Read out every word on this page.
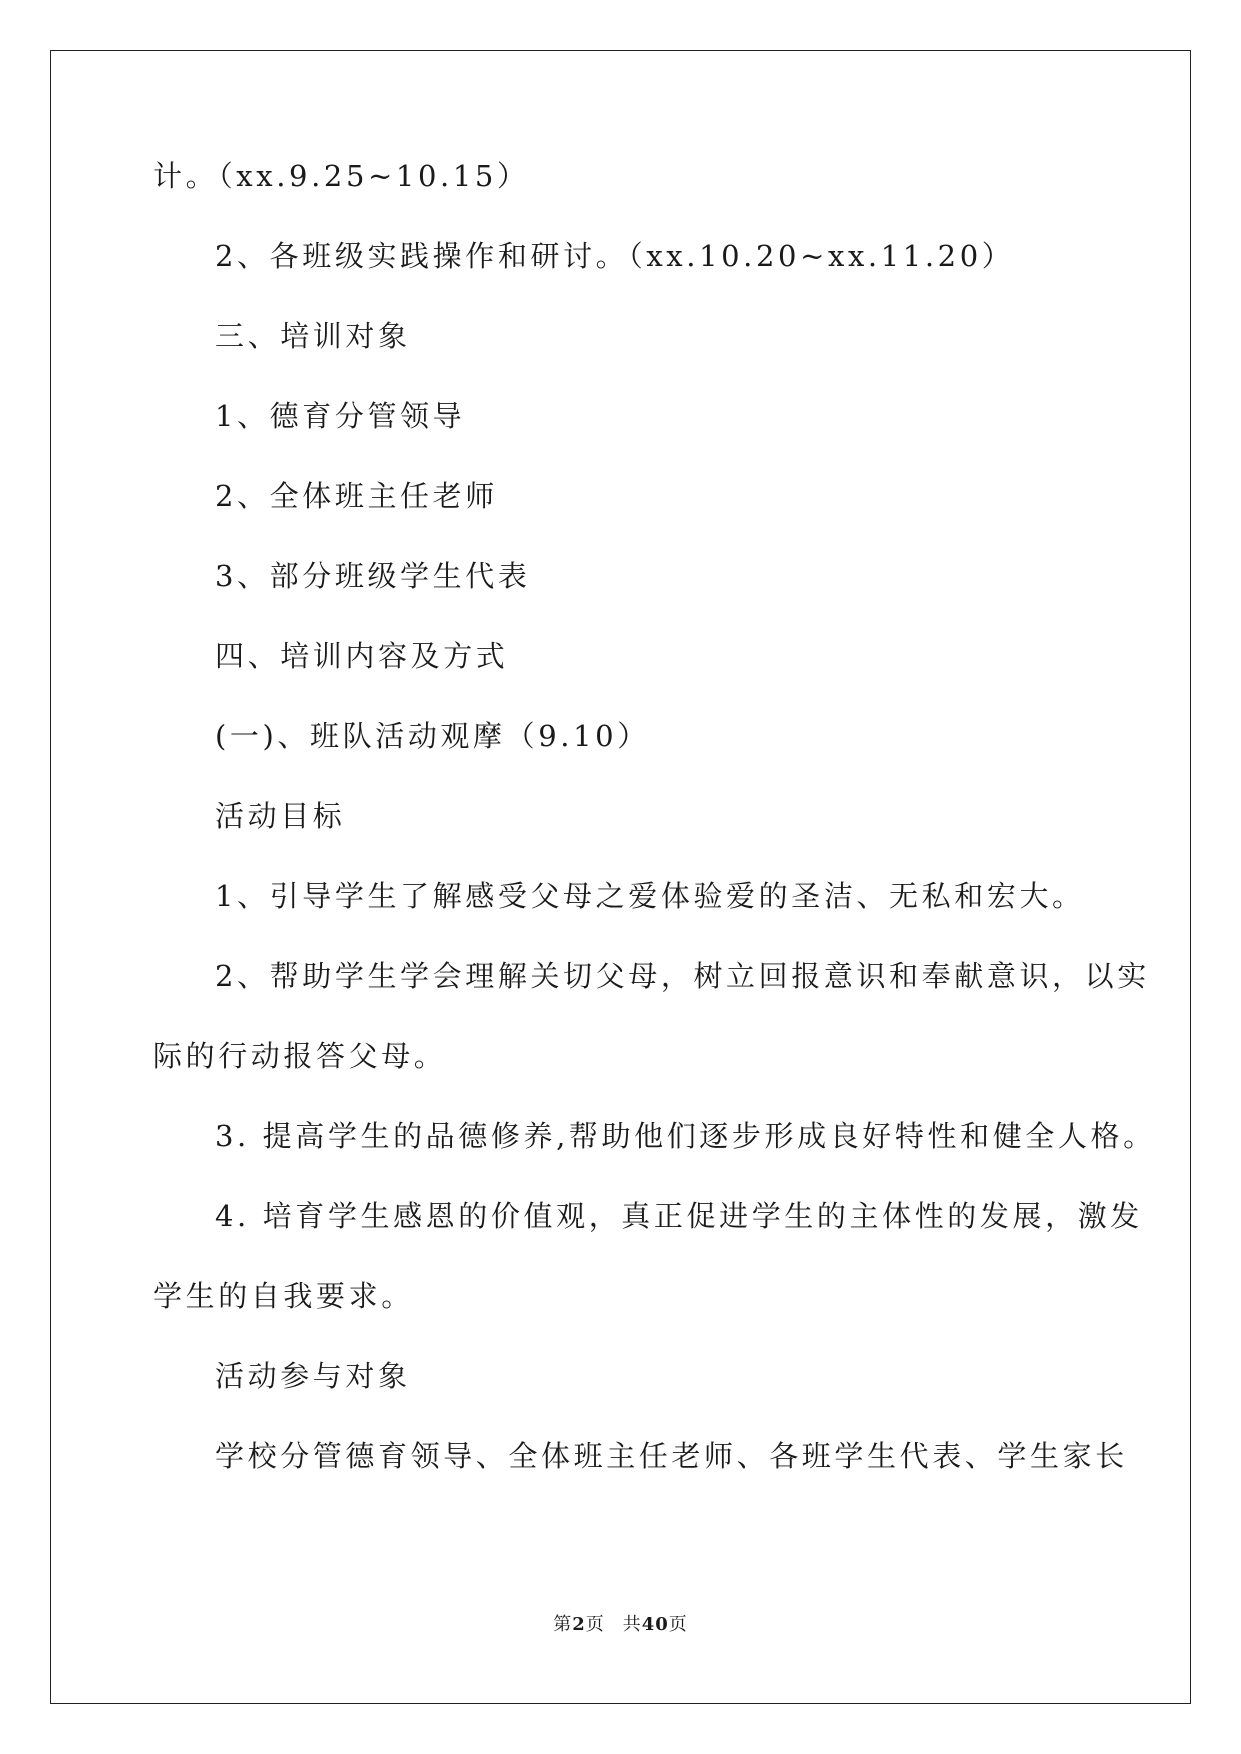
计。（xx.9.25~10.15）
2、各班级实践操作和研讨。（xx.10.20~xx.11.20）
三、培训对象
1、德育分管领导
2、全体班主任老师
3、部分班级学生代表
四、培训内容及方式
(一)、班队活动观摩（9.10）
活动目标
1、引导学生了解感受父母之爱体验爱的圣洁、无私和宏大。
2、帮助学生学会理解关切父母，树立回报意识和奉献意识，以实
际的行动报答父母。
3. 提高学生的品德修养,帮助他们逐步形成良好特性和健全人格。
4. 培育学生感恩的价值观，真正促进学生的主体性的发展，激发
学生的自我要求。
活动参与对象
学校分管德育领导、全体班主任老师、各班学生代表、学生家长
第2页 共40页
